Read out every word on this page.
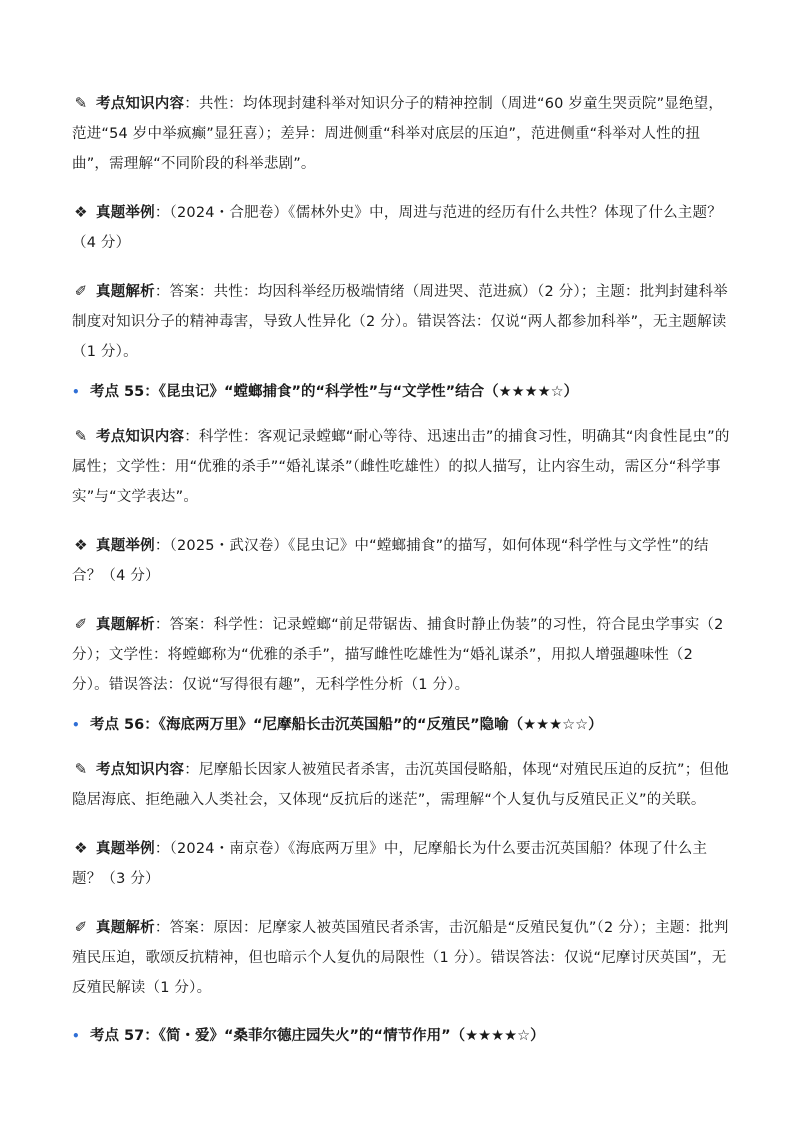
✎ 考点知识内容：共性：均体现封建科举对知识分子的精神控制（周进“60 岁童生哭贡院”显绝望，范进“54 岁中举疯癫”显狂喜）；差异：周进侧重“科举对底层的压迫”，范进侧重“科举对人性的扭曲”，需理解“不同阶段的科举悲剧”。

❖ 真题举例：（2024・合肥卷）《儒林外史》中，周进与范进的经历有什么共性？体现了什么主题？（4 分）

✐ 真题解析：答案：共性：均因科举经历极端情绪（周进哭、范进疯）（2 分）；主题：批判封建科举制度对知识分子的精神毒害，导致人性异化（2 分）。错误答法：仅说“两人都参加科举”，无主题解读（1 分）。

• 考点 55：《昆虫记》“螳螂捕食”的“科学性”与“文学性”结合（★★★★☆）

✎ 考点知识内容：科学性：客观记录螳螂“耐心等待、迅速出击”的捕食习性，明确其“肉食性昆虫”的属性；文学性：用“优雅的杀手”“婚礼谋杀”（雌性吃雄性）的拟人描写，让内容生动，需区分“科学事实”与“文学表达”。

❖ 真题举例：（2025・武汉卷）《昆虫记》中“螳螂捕食”的描写，如何体现“科学性与文学性”的结合？（4 分）

✐ 真题解析：答案：科学性：记录螳螂“前足带锯齿、捕食时静止伪装”的习性，符合昆虫学事实（2 分）；文学性：将螳螂称为“优雅的杀手”，描写雌性吃雄性为“婚礼谋杀”，用拟人增强趣味性（2 分）。错误答法：仅说“写得很有趣”，无科学性分析（1 分）。

• 考点 56：《海底两万里》“尼摩船长击沉英国船”的“反殖民”隐喻（★★★☆☆）

✎ 考点知识内容：尼摩船长因家人被殖民者杀害，击沉英国侵略船，体现“对殖民压迫的反抗”；但他隐居海底、拒绝融入人类社会，又体现“反抗后的迷茫”，需理解“个人复仇与反殖民正义”的关联。

❖ 真题举例：（2024・南京卷）《海底两万里》中，尼摩船长为什么要击沉英国船？体现了什么主题？（3 分）

✐ 真题解析：答案：原因：尼摩家人被英国殖民者杀害，击沉船是“反殖民复仇”（2 分）；主题：批判殖民压迫，歌颂反抗精神，但也暗示个人复仇的局限性（1 分）。错误答法：仅说“尼摩讨厌英国”，无反殖民解读（1 分）。

• 考点 57：《简・爱》“桑菲尔德庄园失火”的“情节作用”（★★★★☆）
